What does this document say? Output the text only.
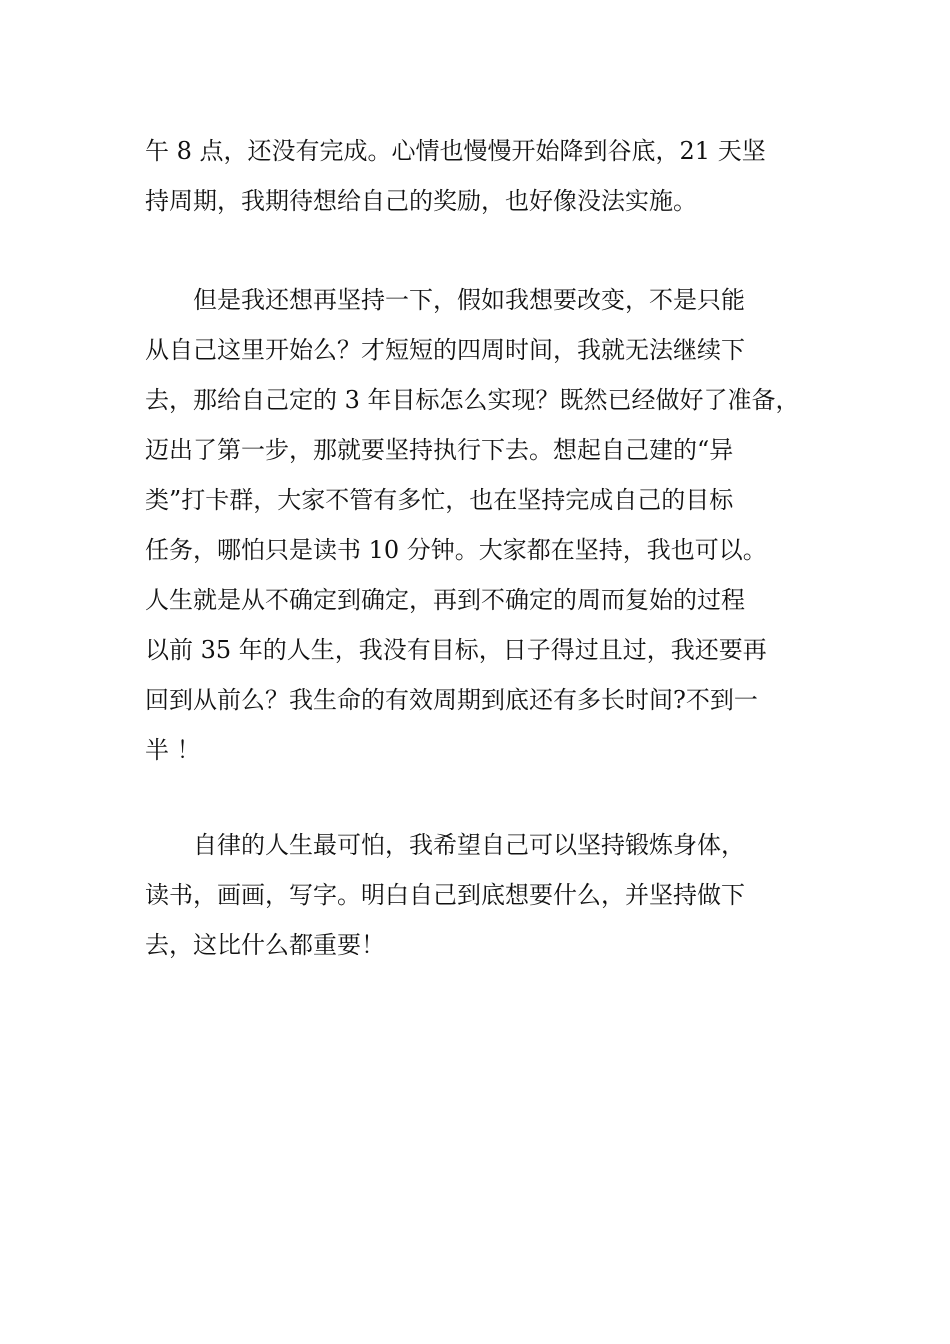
午 8 点，还没有完成。心情也慢慢开始降到谷底，21 天坚
持周期，我期待想给自己的奖励，也好像没法实施。

　　但是我还想再坚持一下，假如我想要改变，不是只能
从自己这里开始么？才短短的四周时间，我就无法继续下
去，那给自己定的 3 年目标怎么实现？既然已经做好了准备，
迈出了第一步，那就要坚持执行下去。想起自己建的“异
类”打卡群，大家不管有多忙，也在坚持完成自己的目标
任务，哪怕只是读书 10 分钟。大家都在坚持，我也可以。
人生就是从不确定到确定，再到不确定的周而复始的过程
以前 35 年的人生，我没有目标，日子得过且过，我还要再
回到从前么？我生命的有效周期到底还有多长时间?不到一
半 ！

　　自律的人生最可怕，我希望自己可以坚持锻炼身体，
读书，画画，写字。明白自己到底想要什么，并坚持做下
去，这比什么都重要！
